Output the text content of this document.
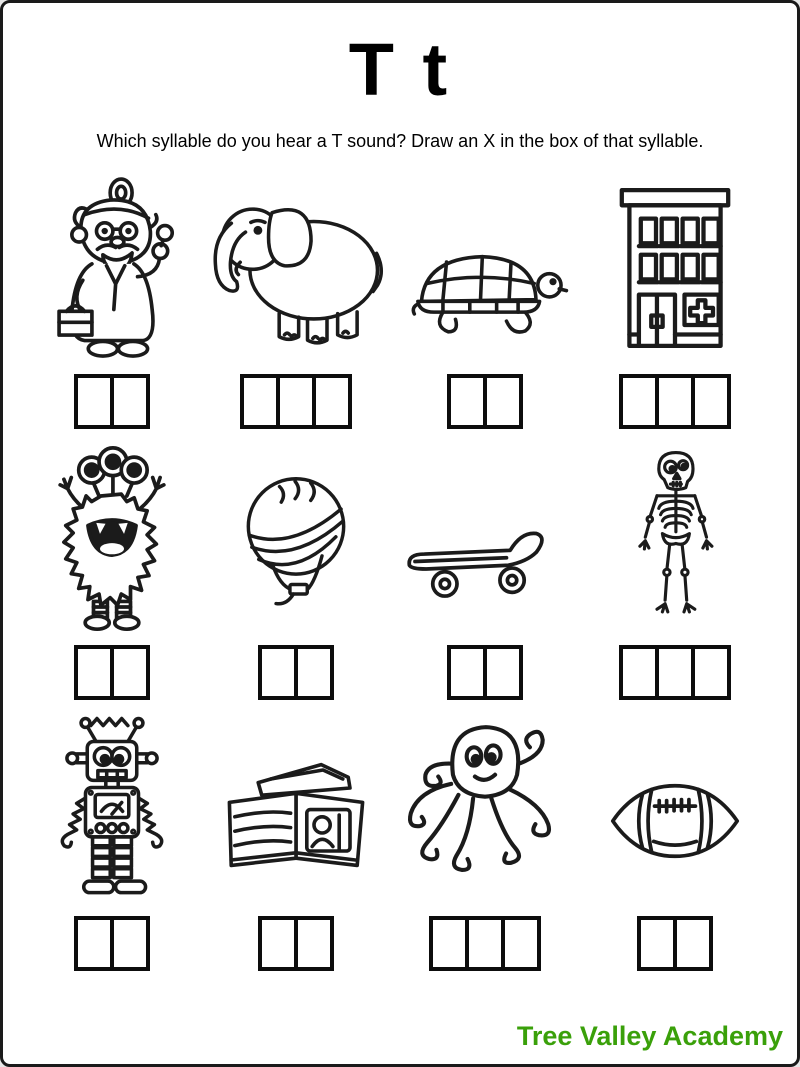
T t
Which syllable do you hear a T sound? Draw an X in the box of that syllable.
Tree Valley Academy
